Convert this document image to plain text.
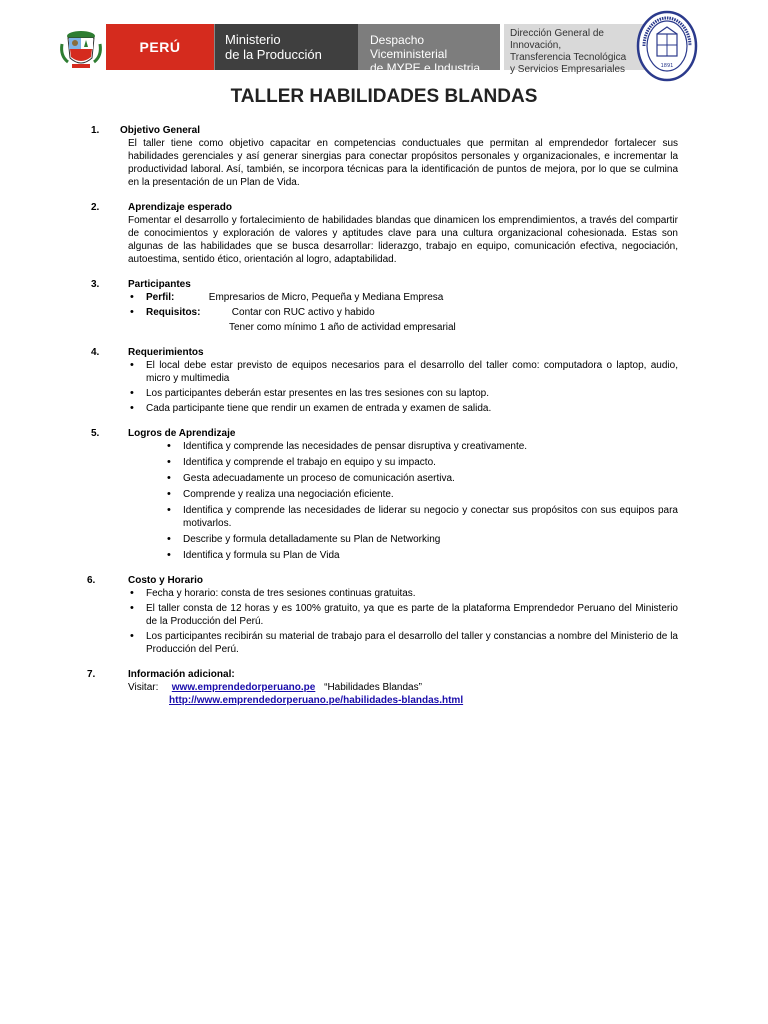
PERÚ	Ministerio
de la Producción
Despacho Viceministerial
de MYPE e Industria
Dirección General de Innovación,
Transferencia Tecnológica
y Servicios Empresariales	1891
TALLER HABILIDADES BLANDAS
1.	Objetivo General
El taller tiene como objetivo capacitar en competencias conductuales que permitan al emprendedor fortalecer sus habilidades gerenciales y así generar sinergias para conectar propósitos personales y organizacionales, e incrementar la productividad laboral. Así, también, se incorpora técnicas para la identificación de puntos de mejora, por lo que se culmina en la presentación de un Plan de Vida.
2.	Aprendizaje esperado
Fomentar el desarrollo y fortalecimiento de habilidades blandas que dinamicen los emprendimientos, a través del compartir de conocimientos y exploración de valores y aptitudes clave para una cultura organizacional cohesionada. Estas son algunas de las habilidades que se busca desarrollar: liderazgo, trabajo en equipo, comunicación efectiva, negociación, autoestima, sentido ético, orientación al logro, adaptabilidad.
3.	Participantes
• Perfil:	Empresarios de Micro, Pequeña y Mediana Empresa
• Requisitos:	Contar con RUC activo y habido
Tener como mínimo 1 año de actividad empresarial
4.	Requerimientos
• El local debe estar previsto de equipos necesarios para el desarrollo del taller como: computadora o laptop, audio, micro y multimedia
• Los participantes deberán estar presentes en las tres sesiones con su laptop.
• Cada participante tiene que rendir un examen de entrada y examen de salida.
5.	Logros de Aprendizaje
• Identifica y comprende las necesidades de pensar disruptiva y creativamente.
• Identifica y comprende el trabajo en equipo y su impacto.
• Gesta adecuadamente un proceso de comunicación asertiva.
• Comprende y realiza una negociación eficiente.
• Identifica y comprende las necesidades de liderar su negocio y conectar sus propósitos con sus equipos para motivarlos.
• Describe y formula detalladamente su Plan de Networking
• Identifica y formula su Plan de Vida
6.	Costo y Horario
• Fecha y horario: consta de tres sesiones continuas gratuitas.
• El taller consta de 12 horas y es 100% gratuito, ya que es parte de la plataforma Emprendedor Peruano del Ministerio de la Producción del Perú.
• Los participantes recibirán su material de trabajo para el desarrollo del taller y constancias a nombre del Ministerio de la Producción del Perú.
7.	Información adicional:
Visitar: www.emprendedorperuano.pe “Habilidades Blandas”
http://www.emprendedorperuano.pe/habilidades-blandas.html
